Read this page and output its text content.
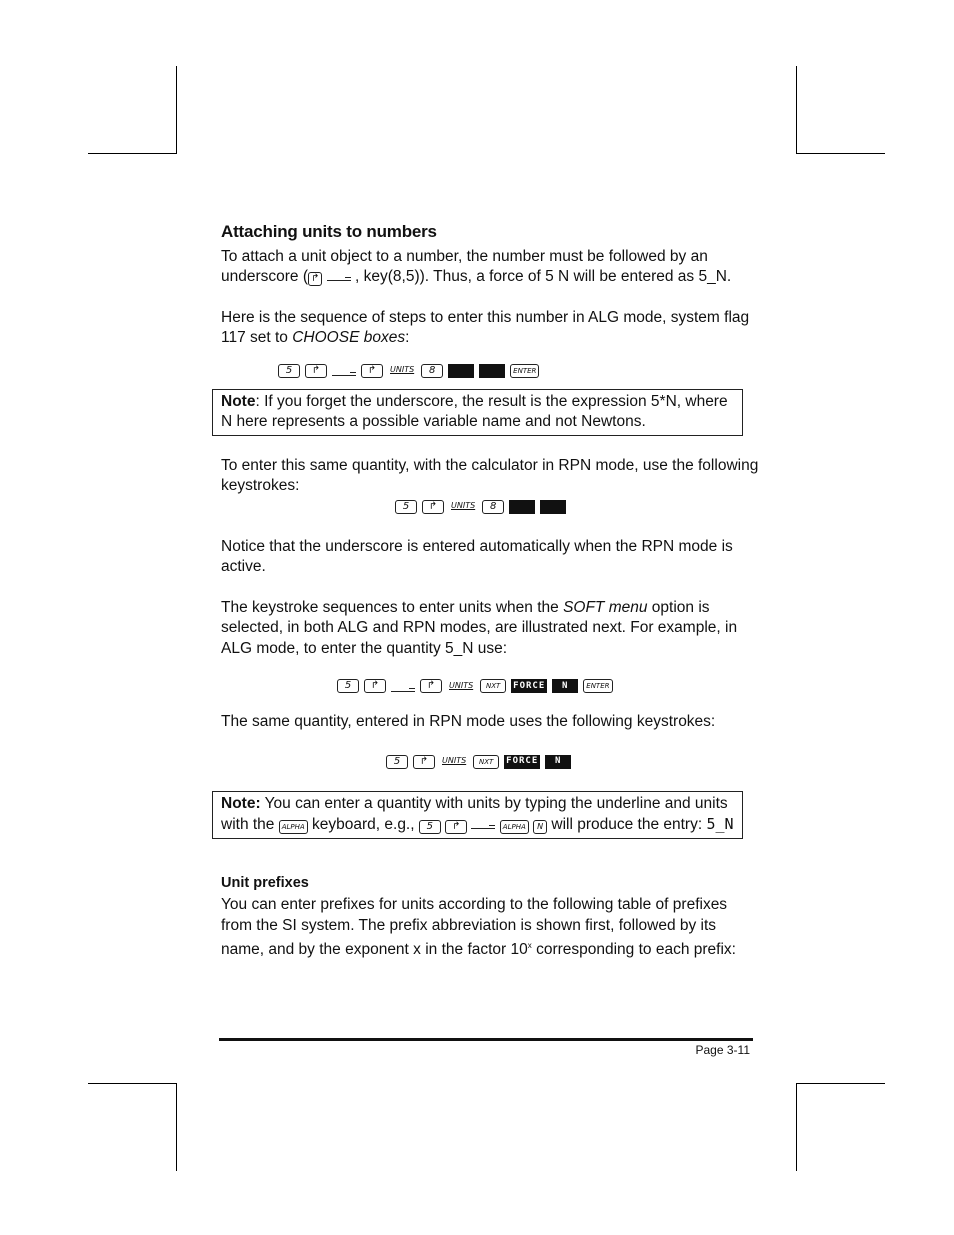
Attaching units to numbers

To attach a unit object to a number, the number must be followed by an underscore ( ↱ , key(8,5)). Thus, a force of 5 N will be entered as 5_N.

Here is the sequence of steps to enter this number in ALG mode, system flag 117 set to CHOOSE boxes:

5	↱	↱ UNITS	8	ENTER
Note: If you forget the underscore, the result is the expression 5*N, where N here represents a possible variable name and not Newtons.

To enter this same quantity, with the calculator in RPN mode, use the following keystrokes:

5	↱ UNITS	8

Notice that the underscore is entered automatically when the RPN mode is active.

The keystroke sequences to enter units when the SOFT menu option is selected, in both ALG and RPN modes, are illustrated next. For example, in ALG mode, to enter the quantity 5_N use:

5	↱	↱ UNITS	NXT	FORCE	N	ENTER

The same quantity, entered in RPN mode uses the following keystrokes:

5	↱ UNITS	NXT	FORCE	N
Note: You can enter a quantity with units by typing the underline and units with the ALPHA keyboard, e.g., 5 ↱	ALPHA N will produce the entry: 5_N
Unit prefixes

You can enter prefixes for units according to the following table of prefixes from the SI system. The prefix abbreviation is shown first, followed by its name, and by the exponent x in the factor 10$^x$ corresponding to each prefix:

Page 3-11
